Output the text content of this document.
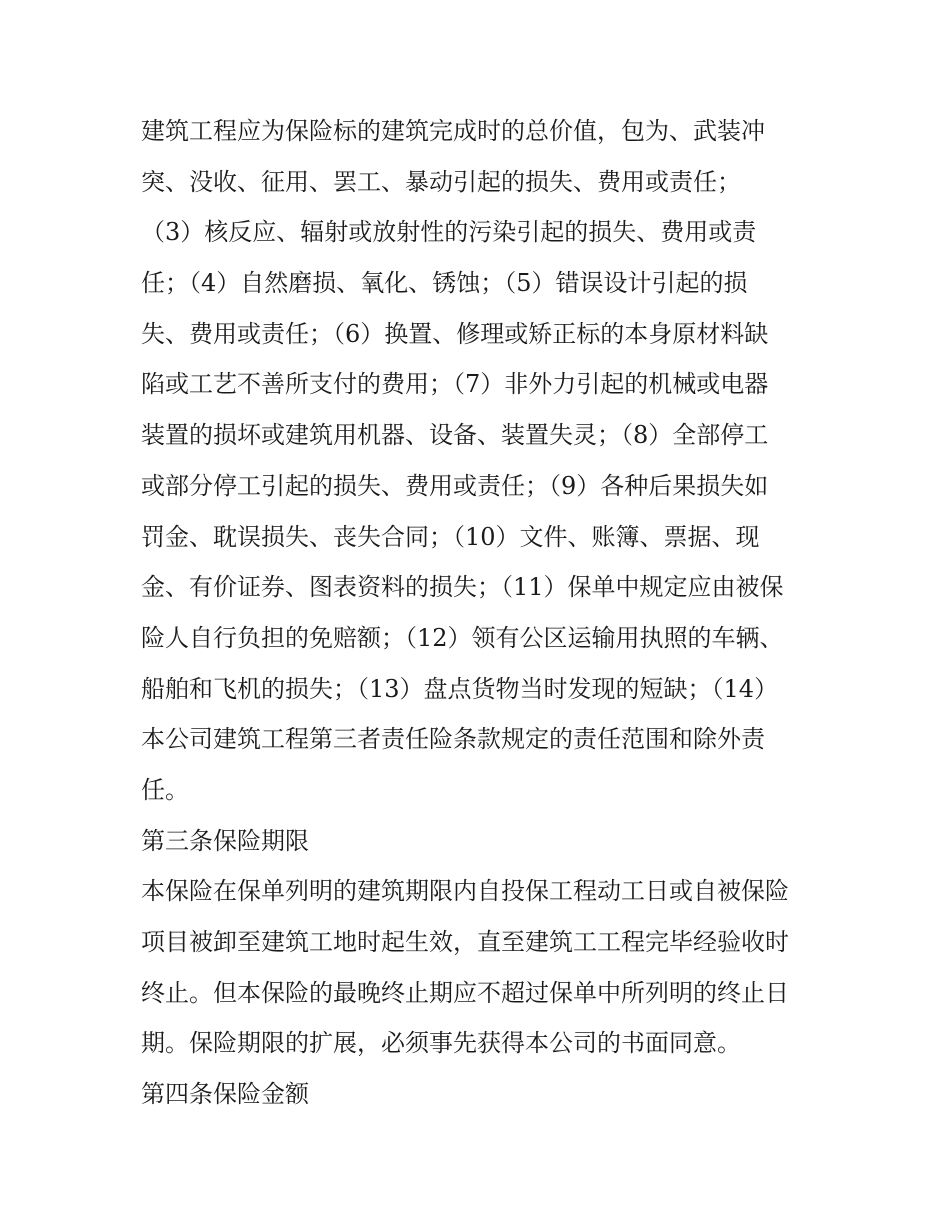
建筑工程应为保险标的建筑完成时的总价值，包为、武装冲
突、没收、征用、罢工、暴动引起的损失、费用或责任；
（3）核反应、辐射或放射性的污染引起的损失、费用或责
任；（4）自然磨损、氧化、锈蚀；（5）错误设计引起的损
失、费用或责任；（6）换置、修理或矫正标的本身原材料缺
陷或工艺不善所支付的费用；（7）非外力引起的机械或电器
装置的损坏或建筑用机器、设备、装置失灵；（8）全部停工
或部分停工引起的损失、费用或责任；（9）各种后果损失如
罚金、耽误损失、丧失合同；（10）文件、账簿、票据、现
金、有价证券、图表资料的损失；（11）保单中规定应由被保
险人自行负担的免赔额；（12）领有公区运输用执照的车辆、
船舶和飞机的损失；（13）盘点货物当时发现的短缺；（14）
本公司建筑工程第三者责任险条款规定的责任范围和除外责
任。
第三条保险期限
本保险在保单列明的建筑期限内自投保工程动工日或自被保险
项目被卸至建筑工地时起生效，直至建筑工工程完毕经验收时
终止。但本保险的最晚终止期应不超过保单中所列明的终止日
期。保险期限的扩展，必须事先获得本公司的书面同意。
第四条保险金额
